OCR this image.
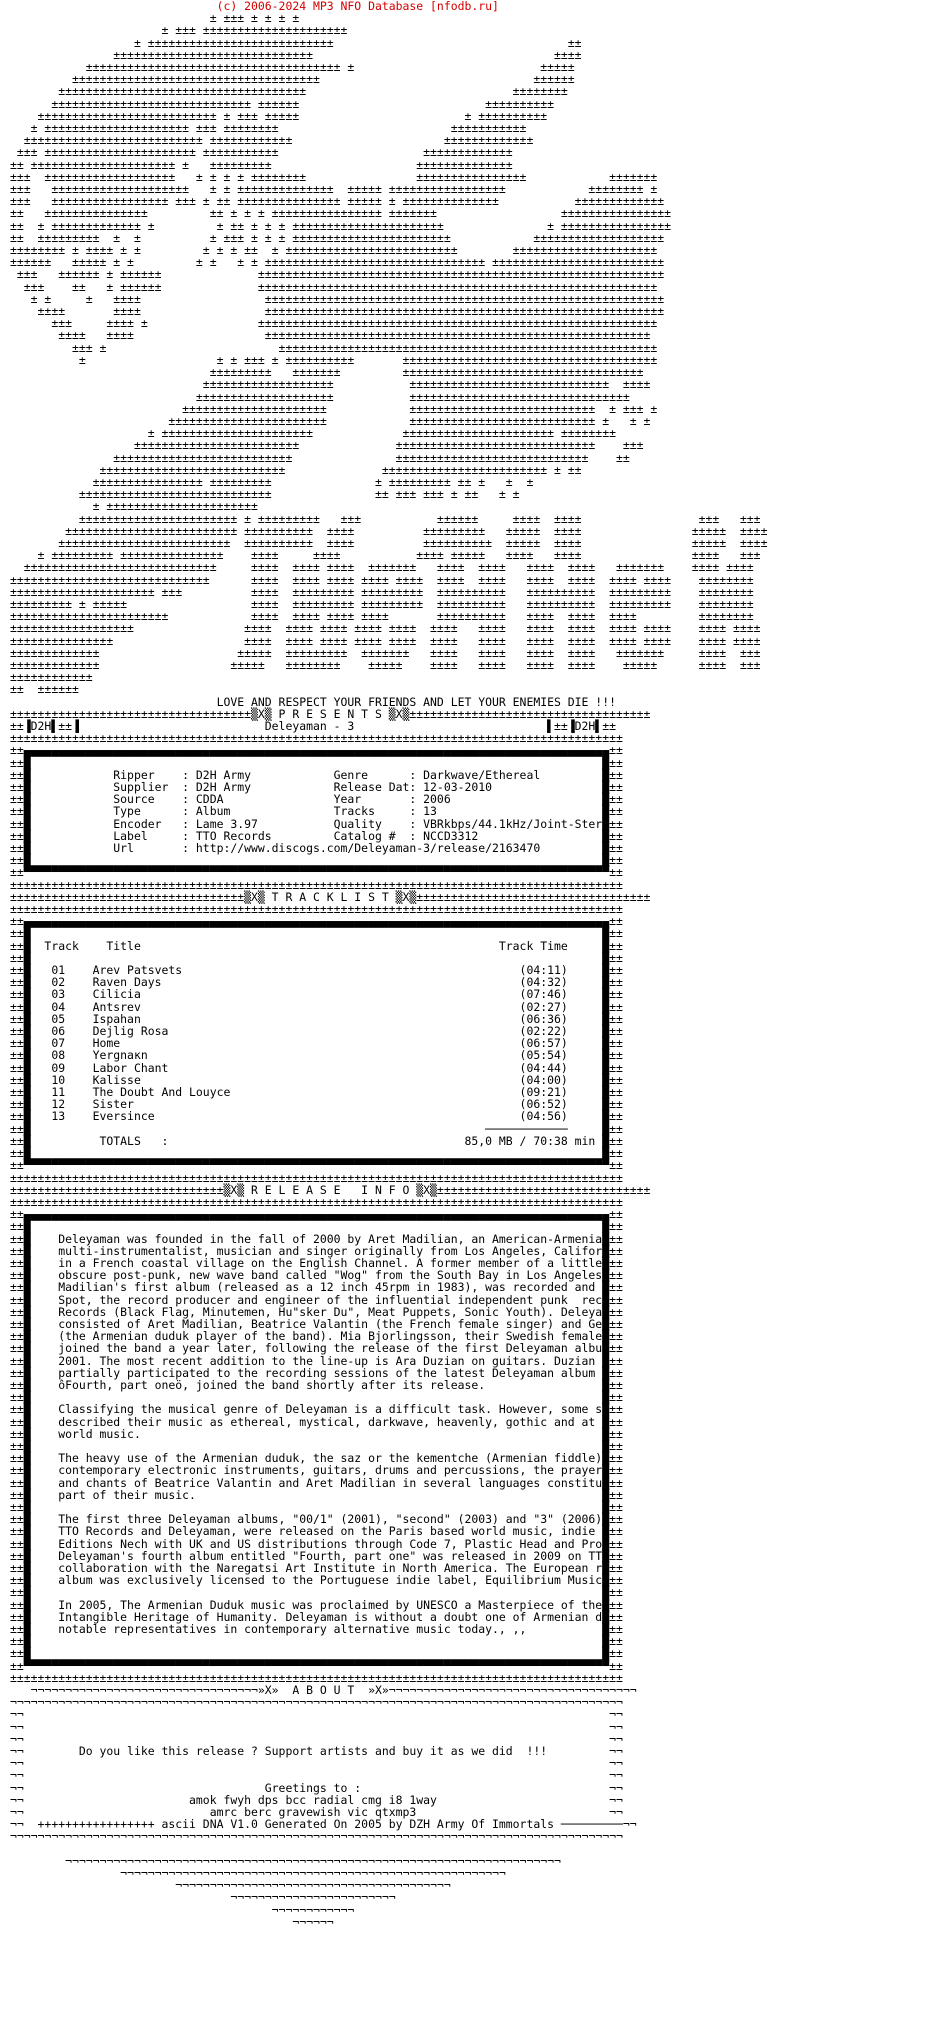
(c) 2006-2024 MP3 NFO Database [nfodb.ru]
± ±±± ± ± ± ±
± ±±± ±±±±±±±±±±±±±±±±±±±±±
± ±±±±±±±±±±±±±±±±±±±±±±±±±±±                                  ±±
±±±±±±±±±±±±±±±±±±±±±±±±±±±±±                                   ±±±±
±±±±±±±±±±±±±±±±±±±±±±±±±±±±±±±±±±±±± ±                           ±±±±±
±±±±±±±±±±±±±±±±±±±±±±±±±±±±±±±±±±±±                               ±±±±±±
±±±±±±±±±±±±±±±±±±±±±±±±±±±±±±±±±±±±                              ±±±±±±±±
±±±±±±±±±±±±±±±±±±±±±±±±±±±±± ±±±±±±                           ±±±±±±±±±±
±±±±±±±±±±±±±±±±±±±±±±±±±± ± ±±± ±±±±±                        ± ±±±±±±±±±±
± ±±±±±±±±±±±±±±±±±±±±± ±±± ±±±±±±±±                         ±±±±±±±±±±±
±±±±±±±±±±±±±±±±±±±±±±±±±± ±±±±±±±±±±±±                      ±±±±±±±±±±±±±
±±± ±±±±±±±±±±±±±±±±±±±±±± ±±±±±±±±±±±                     ±±±±±±±±±±±±±
±± ±±±±±±±±±±±±±±±±±±±±± ±   ±±±±±±±±±                     ±±±±±±±±±±±±±±
±±±  ±±±±±±±±±±±±±±±±±±±   ± ± ± ± ±±±±±±±±                ±±±±±±±±±±±±±±±±            ±±±±±±±
±±±   ±±±±±±±±±±±±±±±±±±±±   ± ± ±±±±±±±±±±±±±±  ±±±±± ±±±±±±±±±±±±±±±±±            ±±±±±±±± ±
±±±   ±±±±±±±±±±±±±±±±± ±±± ± ±± ±±±±±±±±±±±±±±± ±±±±± ± ±±±±±±±±±±±±±±           ±±±±±±±±±±±±±
±±   ±±±±±±±±±±±±±±±         ±± ± ± ± ±±±±±±±±±±±±±±±± ±±±±±±±                  ±±±±±±±±±±±±±±±±
±±  ± ±±±±±±±±±±±±± ±         ± ±± ± ± ± ±±±±±±±±±±±±±±±±±±±±±±               ± ±±±±±±±±±±±±±±±±
±±  ±±±±±±±±±  ±  ±          ± ±±± ± ± ± ±±±±±±±±±±±±±±±±±±±±±±±            ±±±±±±±±±±±±±±±±±±±
±±±±±±±± ± ±±±± ± ±         ± ± ± ±±  ± ±±±±±±±±±±±±±±±±±±±±±±±±±        ±±±±±±±±±±±±±±±±±±±±±
±±±±±±   ±±±±± ± ±         ± ±   ± ± ±±±±±±±±±±±±±±±±±±±±±±±±±±±±±±±± ±±±±±±±±±±±±±±±±±±±±±±±±±
±±±   ±±±±±± ± ±±±±±±              ±±±±±±±±±±±±±±±±±±±±±±±±±±±±±±±±±±±±±±±±±±±±±±±±±±±±±±±±±±±
±±±    ±±   ± ±±±±±±              ±±±±±±±±±±±±±±±±±±±±±±±±±±±±±±±±±±±±±±±±±±±±±±±±±±±±±±±±±±
± ±     ±   ±±±±                  ±±±±±±±±±±±±±±±±±±±±±±±±±±±±±±±±±±±±±±±±±±±±±±±±±±±±±±±±±±
±±±±       ±±±±                  ±±±±±±±±±±±±±±±±±±±±±±±±±±±±±±±±±±±±±±±±±±±±±±±±±±±±±±±±±±
±±±     ±±±± ±                ±±±±±±±±±±±±±±±±±±±±±±±±±±±±±±±±±±±±±±±±±±±±±±±±±±±±±±±±±±
±±±±   ±±±±                   ±±±±±±±±±±±±±±±±±±±±±±±±±±±±±±±±±±±±±±±±±±±±±±±±±±±±±±±±
±±± ±                         ±±±±±±±±±±±±±±±±±±±±±±±±±±±±±±±±±±±±±±±±±±±±±±±±±±±±±±±
±                   ± ± ±±± ± ±±±±±±±±±±       ±±±±±±±±±±±±±±±±±±±±±±±±±±±±±±±±±±±±±
±±±±±±±±±   ±±±±±±±         ±±±±±±±±±±±±±±±±±±±±±±±±±±±±±±±±±±±
±±±±±±±±±±±±±±±±±±±           ±±±±±±±±±±±±±±±±±±±±±±±±±±±±±  ±±±±
±±±±±±±±±±±±±±±±±±±±           ±±±±±±±±±±±±±±±±±±±±±±±±±±±±±±±±
±±±±±±±±±±±±±±±±±±±±±            ±±±±±±±±±±±±±±±±±±±±±±±±±±±  ± ±±± ±
±±±±±±±±±±±±±±±±±±±±±±±            ±±±±±±±±±±±±±±±±±±±±±±±±±±± ±   ± ±
± ±±±±±±±±±±±±±±±±±±±±±±             ±±±±±±±±±±±±±±±±±±±±±± ±±±±±±±±
±±±±±±±±±±±±±±±±±±±±±±±±              ±±±±±±±±±±±±±±±±±±±±±±±±±±±±±    ±±±
±±±±±±±±±±±±±±±±±±±±±±±±±±               ±±±±±±±±±±±±±±±±±±±±±±±±±±±±    ±±
±±±±±±±±±±±±±±±±±±±±±±±±±±±              ±±±±±±±±±±±±±±±±±±±±±±±± ± ±±
±±±±±±±±±±±±±±±± ±±±±±±±±±               ± ±±±±±±±±± ±± ±   ±  ±
±±±±±±±±±±±±±±±±±±±±±±±±±±±±               ±± ±±± ±±± ± ±±   ± ±
± ±±±±±±±±±±±±±±±±±±±±±±
±±±±±±±±±±±±±±±±±±±±±±± ± ±±±±±±±±±   ±±±           ±±±±±±     ±±±±  ±±±±                 ±±±   ±±±
±±±±±±±±±±±±±±±±±±±±±±±±± ±±±±±±±±±±  ±±±±          ±±±±±±±±±   ±±±±±  ±±±±                ±±±±±  ±±±±
±±±±±±±±±±±±±±±±±±±±±±±±±  ±±±±±±±±±±  ±±±±          ±±±±±±±±±±  ±±±±±  ±±±±                ±±±±±  ±±±±
± ±±±±±±±±± ±±±±±±±±±±±±±±±    ±±±±     ±±±±           ±±±± ±±±±±   ±±±±   ±±±±                ±±±±   ±±±
±±±±±±±±±±±±±±±±±±±±±±±±±±±±     ±±±±  ±±±± ±±±±  ±±±±±±±   ±±±±  ±±±±   ±±±±  ±±±±   ±±±±±±±    ±±±± ±±±±
±±±±±±±±±±±±±±±±±±±±±±±±±±±±±      ±±±±  ±±±± ±±±± ±±±± ±±±±  ±±±±  ±±±±   ±±±±  ±±±±  ±±±± ±±±±    ±±±±±±±±
±±±±±±±±±±±±±±±±±±±±± ±±±          ±±±±  ±±±±±±±±± ±±±±±±±±±  ±±±±±±±±±±   ±±±±±±±±±±  ±±±±±±±±±    ±±±±±±±±
±±±±±±±±± ± ±±±±±                  ±±±±  ±±±±±±±±± ±±±±±±±±±  ±±±±±±±±±±   ±±±±±±±±±±  ±±±±±±±±±    ±±±±±±±±
±±±±±±±±±±±±±±±±±±±±±±±            ±±±±  ±±±± ±±±± ±±±±       ±±±±±±±±±±   ±±±±  ±±±±  ±±±±         ±±±±±±±±
±±±±±±±±±±±±±±±±±±                ±±±±  ±±±± ±±±± ±±±± ±±±±  ±±±±   ±±±±   ±±±±  ±±±±  ±±±± ±±±±    ±±±± ±±±±
±±±±±±±±±±±±±±±                   ±±±±  ±±±± ±±±± ±±±± ±±±±  ±±±±   ±±±±   ±±±±  ±±±±  ±±±± ±±±±    ±±±± ±±±±
±±±±±±±±±±±±±                    ±±±±±  ±±±±±±±±±  ±±±±±±±   ±±±±   ±±±±   ±±±±  ±±±±   ±±±±±±±     ±±±±  ±±±
±±±±±±±±±±±±±                   ±±±±±   ±±±±±±±±    ±±±±±    ±±±±   ±±±±   ±±±±  ±±±±    ±±±±±      ±±±±  ±±±
±±±±±±±±±±±±
±±  ±±±±±±
LOVE AND RESPECT YOUR FRIENDS AND LET YOUR ENEMIES DIE !!!
±±±±±±±±±±±±±±±±±±±±±±±±±±±±±±±±±±±▒X▒ P R E S E N T S ▒X▒±±±±±±±±±±±±±±±±±±±±±±±±±±±±±±±±±±±
±±▐D2H▌±±▐                           Deleyaman - 3                            ▌±±▐D2H▌±±
±±±±±±±±±±±±±±±±±±±±±±±±±±±±±±±±±±±±±±±±±±±±±±±±±±±±±±±±±±±±±±±±±±±±±±±±±±±±±±±±±±±±±±±±±
±±▄▄▄▄▄▄▄▄▄▄▄▄▄▄▄▄▄▄▄▄▄▄▄▄▄▄▄▄▄▄▄▄▄▄▄▄▄▄▄▄▄▄▄▄▄▄▄▄▄▄▄▄▄▄▄▄▄▄▄▄▄▄▄▄▄▄▄▄▄▄▄▄▄▄▄▄▄▄▄▄▄▄▄▄▄±±
±±█                                                                                   █±±
±±█            Ripper    : D2H Army            Genre      : Darkwave/Ethereal         █±±
±±█            Supplier  : D2H Army            Release Dat: 12-03-2010                █±±
±±█            Source    : CDDA                Year       : 2006                      █±±
±±█            Type      : Album               Tracks     : 13                        █±±
±±█            Encoder   : Lame 3.97           Quality    : VBRkbps/44.1kHz/Joint-Ster█±±
±±█            Label     : TTO Records         Catalog #  : NCCD3312                  █±±
±±█            Url       : http://www.discogs.com/Deleyaman-3/release/2163470         █±±
±±█                                                                                   █±±
±±▀▀▀▀▀▀▀▀▀▀▀▀▀▀▀▀▀▀▀▀▀▀▀▀▀▀▀▀▀▀▀▀▀▀▀▀▀▀▀▀▀▀▀▀▀▀▀▀▀▀▀▀▀▀▀▀▀▀▀▀▀▀▀▀▀▀▀▀▀▀▀▀▀▀▀▀▀▀▀▀▀▀▀▀▀±±
±±±±±±±±±±±±±±±±±±±±±±±±±±±±±±±±±±±±±±±±±±±±±±±±±±±±±±±±±±±±±±±±±±±±±±±±±±±±±±±±±±±±±±±±±
±±±±±±±±±±±±±±±±±±±±±±±±±±±±±±±±±±▒X▒ T R A C K L I S T ▒X▒±±±±±±±±±±±±±±±±±±±±±±±±±±±±±±±±±±
±±±±±±±±±±±±±±±±±±±±±±±±±±±±±±±±±±±±±±±±±±±±±±±±±±±±±±±±±±±±±±±±±±±±±±±±±±±±±±±±±±±±±±±±±
±±▄▄▄▄▄▄▄▄▄▄▄▄▄▄▄▄▄▄▄▄▄▄▄▄▄▄▄▄▄▄▄▄▄▄▄▄▄▄▄▄▄▄▄▄▄▄▄▄▄▄▄▄▄▄▄▄▄▄▄▄▄▄▄▄▄▄▄▄▄▄▄▄▄▄▄▄▄▄▄▄▄▄▄▄▄±±
±±█                                                                                   █±±
±±█  Track    Title                                                    Track Time     █±±
±±█                                                                                   █±±
±±█   01    Arev Patsvets                                                 (04:11)     █±±
±±█   02    Raven Days                                                    (04:32)     █±±
±±█   03    Cilicia                                                       (07:46)     █±±
±±█   04    Antsrev                                                       (02:27)     █±±
±±█   05    Ispahan                                                       (06:36)     █±±
±±█   06    Dejlig Rosa                                                   (02:22)     █±±
±±█   07    Home                                                          (06:57)     █±±
±±█   08    Yergnaкn                                                      (05:54)     █±±
±±█   09    Labor Chant                                                   (04:44)     █±±
±±█   10    Kalisse                                                       (04:00)     █±±
±±█   11    The Doubt And Louyce                                          (09:21)     █±±
±±█   12    Sister                                                        (06:52)     █±±
±±█   13    Eversince                                                     (04:56)     █±±
±±█                                                                  ────────────     █±±
±±█          TOTALS   :                                           85,0 MB / 70:38 min █±±
±±█                                                                                   █±±
±±▀▀▀▀▀▀▀▀▀▀▀▀▀▀▀▀▀▀▀▀▀▀▀▀▀▀▀▀▀▀▀▀▀▀▀▀▀▀▀▀▀▀▀▀▀▀▀▀▀▀▀▀▀▀▀▀▀▀▀▀▀▀▀▀▀▀▀▀▀▀▀▀▀▀▀▀▀▀▀▀▀▀▀▀▀±±
±±±±±±±±±±±±±±±±±±±±±±±±±±±±±±±±±±±±±±±±±±±±±±±±±±±±±±±±±±±±±±±±±±±±±±±±±±±±±±±±±±±±±±±±±
±±±±±±±±±±±±±±±±±±±±±±±±±±±±±±±▒X▒ R E L E A S E   I N F O ▒X▒±±±±±±±±±±±±±±±±±±±±±±±±±±±±±±±
±±±±±±±±±±±±±±±±±±±±±±±±±±±±±±±±±±±±±±±±±±±±±±±±±±±±±±±±±±±±±±±±±±±±±±±±±±±±±±±±±±±±±±±±±
±±▄▄▄▄▄▄▄▄▄▄▄▄▄▄▄▄▄▄▄▄▄▄▄▄▄▄▄▄▄▄▄▄▄▄▄▄▄▄▄▄▄▄▄▄▄▄▄▄▄▄▄▄▄▄▄▄▄▄▄▄▄▄▄▄▄▄▄▄▄▄▄▄▄▄▄▄▄▄▄▄▄▄▄▄▄±±
±±█                                                                                   █±±
±±█    Deleyaman was founded in the fall of 2000 by Aret Madilian, an American-Armenia█±±
±±█    multi-instrumentalist, musician and singer originally from Los Angeles, Califor█±±
±±█    in a French coastal village on the English Channel. A former member of a little█±±
±±█    obscure post-punk, new wave band called "Wog" from the South Bay in Los Angeles█±±
±±█    Madilian's first album (released as a 12 inch 45rpm in 1983), was recorded and █±±
±±█    Spot, the record producer and engineer of the influential independent punk  rec█±±
±±█    Records (Black Flag, Minutemen, Hu"sker Du", Meat Puppets, Sonic Youth). Deleya█±±
±±█    consisted of Aret Madilian, Beatrice Valantin (the French female singer) and Ge█±±
±±█    (the Armenian duduk player of the band). Mia Bjorlingsson, their Swedish female█±±
±±█    joined the band a year later, following the release of the first Deleyaman albu█±±
±±█    2001. The most recent addition to the line-up is Ara Duzian on guitars. Duzian █±±
±±█    partially participated to the recording sessions of the latest Deleyaman album █±±
±±█    ôFourth, part oneö, joined the band shortly after its release.                 █±±
±±█                                                                                   █±±
±±█    Classifying the musical genre of Deleyaman is a difficult task. However, some s█±±
±±█    described their music as ethereal, mystical, darkwave, heavenly, gothic and at █±±
±±█    world music.                                                                   █±±
±±█                                                                                   █±±
±±█    The heavy use of the Armenian duduk, the saz or the kementche (Armenian fiddle)█±±
±±█    contemporary electronic instruments, guitars, drums and percussions, the prayer█±±
±±█    and chants of Beatrice Valantin and Aret Madilian in several languages constitu█±±
±±█    part of their music.                                                           █±±
±±█                                                                                   █±±
±±█    The first three Deleyaman albums, "00/1" (2001), "second" (2003) and "3" (2006)█±±
±±█    TTO Records and Deleyaman, were released on the Paris based world music, indie █±±
±±█    Editions Nech with UK and US distributions through Code 7, Plastic Head and Pro█±±
±±█    Deleyaman's fourth album entitled "Fourth, part one" was released in 2009 on TT█±±
±±█    collaboration with the Naregatsi Art Institute in North America. The European r█±±
±±█    album was exclusively licensed to the Portuguese indie label, Equilibrium Music█±±
±±█                                                                                   █±±
±±█    In 2005, The Armenian Duduk music was proclaimed by UNESCO a Masterpiece of the█±±
±±█    Intangible Heritage of Humanity. Deleyaman is without a doubt one of Armenian d█±±
±±█    notable representatives in contemporary alternative music today., ,,           █±±
±±█                                                                                   █±±
±±█                                                                                   █±±
±±▀▀▀▀▀▀▀▀▀▀▀▀▀▀▀▀▀▀▀▀▀▀▀▀▀▀▀▀▀▀▀▀▀▀▀▀▀▀▀▀▀▀▀▀▀▀▀▀▀▀▀▀▀▀▀▀▀▀▀▀▀▀▀▀▀▀▀▀▀▀▀▀▀▀▀▀▀▀▀▀▀▀▀▀▀±±
±±±±±±±±±±±±±±±±±±±±±±±±±±±±±±±±±±±±±±±±±±±±±±±±±±±±±±±±±±±±±±±±±±±±±±±±±±±±±±±±±±±±±±±±±
¬¬¬¬¬¬¬¬¬¬¬¬¬¬¬¬¬¬¬¬¬¬¬¬¬¬¬¬¬¬¬¬¬»X»  A B O U T  »X»¬¬¬¬¬¬¬¬¬¬¬¬¬¬¬¬¬¬¬¬¬¬¬¬¬¬¬¬¬¬¬¬¬¬¬¬
¬¬¬¬¬¬¬¬¬¬¬¬¬¬¬¬¬¬¬¬¬¬¬¬¬¬¬¬¬¬¬¬¬¬¬¬¬¬¬¬¬¬¬¬¬¬¬¬¬¬¬¬¬¬¬¬¬¬¬¬¬¬¬¬¬¬¬¬¬¬¬¬¬¬¬¬¬¬¬¬¬¬¬¬¬¬¬¬¬
¬¬                                                                                     ¬¬
¬¬                                                                                     ¬¬
¬¬                                                                                     ¬¬
¬¬        Do you like this release ? Support artists and buy it as we did  !!!         ¬¬
¬¬                                                                                     ¬¬
¬¬                                                                                     ¬¬
¬¬                                   Greetings to :                                    ¬¬
¬¬                        amok fwyh dps bcc radial cmg i8 1way                         ¬¬
¬¬                           amrc berc gravewish vic qtxmp3                            ¬¬
¬¬  +++++++++++++++++ ascii DNA V1.0 Generated On 2005 by DZH Army Of Immortals ─────────¬¬
¬¬¬¬¬¬¬¬¬¬¬¬¬¬¬¬¬¬¬¬¬¬¬¬¬¬¬¬¬¬¬¬¬¬¬¬¬¬¬¬¬¬¬¬¬¬¬¬¬¬¬¬¬¬¬¬¬¬¬¬¬¬¬¬¬¬¬¬¬¬¬¬¬¬¬¬¬¬¬¬¬¬¬¬¬¬¬¬¬

¬¬¬¬¬¬¬¬¬¬¬¬¬¬¬¬¬¬¬¬¬¬¬¬¬¬¬¬¬¬¬¬¬¬¬¬¬¬¬¬¬¬¬¬¬¬¬¬¬¬¬¬¬¬¬¬¬¬¬¬¬¬¬¬¬¬¬¬¬¬¬¬
¬¬¬¬¬¬¬¬¬¬¬¬¬¬¬¬¬¬¬¬¬¬¬¬¬¬¬¬¬¬¬¬¬¬¬¬¬¬¬¬¬¬¬¬¬¬¬¬¬¬¬¬¬¬¬¬
¬¬¬¬¬¬¬¬¬¬¬¬¬¬¬¬¬¬¬¬¬¬¬¬¬¬¬¬¬¬¬¬¬¬¬¬¬¬¬¬
¬¬¬¬¬¬¬¬¬¬¬¬¬¬¬¬¬¬¬¬¬¬¬¬
¬¬¬¬¬¬¬¬¬¬¬¬
¬¬¬¬¬¬
